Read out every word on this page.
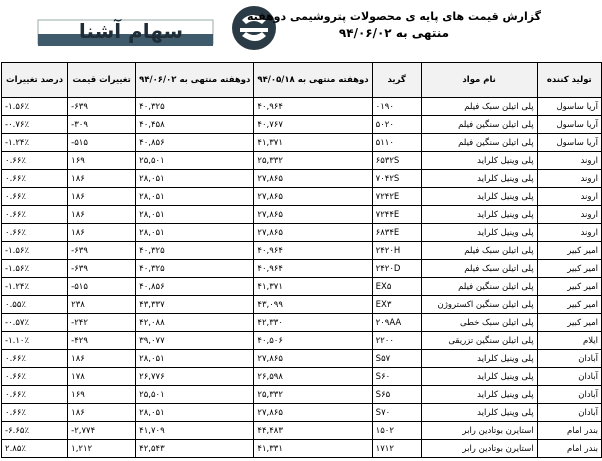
سهام آشنا
گزارش قیمت های پایه ی محصولات پتروشیمی دوهفته
منتهی به ۹۴/۰۶/۰۲
تولید کننده	نام مواد	گرید	دوهفته منتهی به ۹۴/۰۵/۱۸	دوهفته منتهی به ۹۴/۰۶/۰۲	تغییرات قیمت	درصد تغییرات
آریا ساسول	پلی اتیلن سبک فیلم	۰۱۹۰	۴۰,۹۶۴	۴۰,۳۲۵	-۶۳۹	-۱.۵۶٪
آریا ساسول	پلی اتیلن سنگین فیلم	۵۰۲۰	۴۰,۷۶۷	۴۰,۴۵۸	-۳۰۹	-۰.۷۶٪
آریا ساسول	پلی اتیلن سنگین فیلم	۵۱۱۰	۴۱,۳۷۱	۴۰,۸۵۶	-۵۱۵	-۱.۲۴٪
اروند	پلی وینیل کلراید	۶۵۳۲S	۲۵,۳۳۲	۲۵,۵۰۱	۱۶۹	۰.۶۶٪
اروند	پلی وینیل کلراید	۷۰۴۲S	۲۷,۸۶۵	۲۸,۰۵۱	۱۸۶	۰.۶۶٪
اروند	پلی وینیل کلراید	۷۲۴۲E	۲۷,۸۶۵	۲۸,۰۵۱	۱۸۶	۰.۶۶٪
اروند	پلی وینیل کلراید	۷۲۴۴E	۲۷,۸۶۵	۲۸,۰۵۱	۱۸۶	۰.۶۶٪
اروند	پلی وینیل کلراید	۶۸۳۴E	۲۷,۸۶۵	۲۸,۰۵۱	۱۸۶	۰.۶۶٪
امیر کبیر	پلی اتیلن سبک فیلم	۲۴۲۰H	۴۰,۹۶۴	۴۰,۳۲۵	-۶۳۹	-۱.۵۶٪
امیر کبیر	پلی اتیلن سبک فیلم	۲۴۲۰D	۴۰,۹۶۴	۴۰,۳۲۵	-۶۳۹	-۱.۵۶٪
امیر کبیر	پلی اتیلن سنگین فیلم	EX۵	۴۱,۳۷۱	۴۰,۸۵۶	-۵۱۵	-۱.۲۴٪
امیر کبیر	پلی اتیلن سنگین اکستروژن	EX۳	۴۳,۰۹۹	۴۳,۳۳۷	۲۳۸	۰.۵۵٪
امیر کبیر	پلی اتیلن سبک خطی	۲۰۹AA	۴۲,۳۳۰	۴۲,۰۸۸	-۲۴۲	-۰.۵۷٪
ایلام	پلی اتیلن سنگین تزریقی	۲۲۰۰	۴۰,۵۰۶	۳۹,۰۷۷	-۴۲۹	-۱.۱۰٪
آبادان	پلی وینیل کلراید	S۵۷	۲۷,۸۶۵	۲۸,۰۵۱	۱۸۶	۰.۶۶٪
آبادان	پلی وینیل کلراید	S۶۰	۲۶,۵۹۸	۲۶,۷۷۶	۱۷۸	۰.۶۶٪
آبادان	پلی وینیل کلراید	S۶۵	۲۵,۳۳۲	۲۵,۵۰۱	۱۶۹	۰.۶۶٪
آبادان	پلی وینیل کلراید	S۷۰	۲۷,۸۶۵	۲۸,۰۵۱	۱۸۶	۰.۶۶٪
بندر امام	استایرن بوتادین رابر	۱۵۰۲	۴۴,۴۸۳	۴۱,۷۰۹	-۲,۷۷۴	-۶.۶۵٪
بندر امام	استایرن بوتادین رابر	۱۷۱۲	۴۱,۳۳۱	۴۲,۵۴۳	۱,۲۱۲	۲.۸۵٪
